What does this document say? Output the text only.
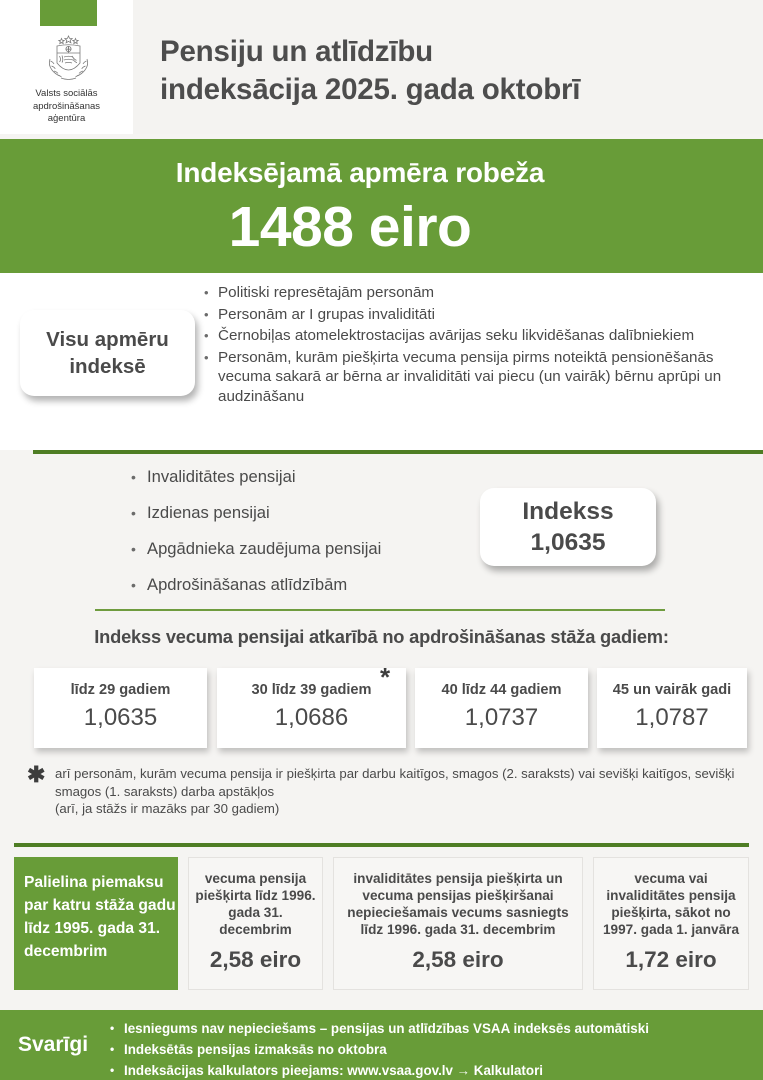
Valsts sociālās
apdrošināšanas
aģentūra
Pensiju un atlīdzību
indeksācija 2025. gada oktobrī
Indeksējamā apmēra robeža
1488 eiro
Visu apmēru
indeksē
• Politiski represētajām personām
• Personām ar I grupas invaliditāti
• Černobiļas atomelektrostacijas avārijas seku likvidēšanas dalībniekiem
• Personām, kurām piešķirta vecuma pensija pirms noteiktā pensionēšanās vecuma sakarā ar bērna ar invaliditāti vai piecu (un vairāk) bērnu aprūpi un audzināšanu
• Invaliditātes pensijai
• Izdienas pensijai
• Apgādnieka zaudējuma pensijai
• Apdrošināšanas atlīdzībām
Indekss
1,0635
Indekss vecuma pensijai atkarībā no apdrošināšanas stāža gadiem:
līdz 29 gadiem
1,0635
30 līdz 39 gadiem
1,0686
40 līdz 44 gadiem
1,0737
45 un vairāk gadi
1,0787
*
✱ arī personām, kurām vecuma pensija ir piešķirta par darbu kaitīgos, smagos (2. saraksts) vai sevišķi kaitīgos, sevišķi smagos (1. saraksts) darba apstākļos
(arī, ja stāžs ir mazāks par 30 gadiem)
Palielina piemaksu par katru stāža gadu līdz 1995. gada 31. decembrim
vecuma pensija piešķirta līdz 1996. gada 31. decembrim
2,58 eiro
invaliditātes pensija piešķirta un vecuma pensijas piešķiršanai nepieciešamais vecums sasniegts līdz 1996. gada 31. decembrim
2,58 eiro
vecuma vai invaliditātes pensija piešķirta, sākot no 1997. gada 1. janvāra
1,72 eiro
Svarīgi
• Iesniegums nav nepieciešams – pensijas un atlīdzības VSAA indeksēs automātiski
• Indeksētās pensijas izmaksās no oktobra
• Indeksācijas kalkulators pieejams: www.vsaa.gov.lv → Kalkulatori
